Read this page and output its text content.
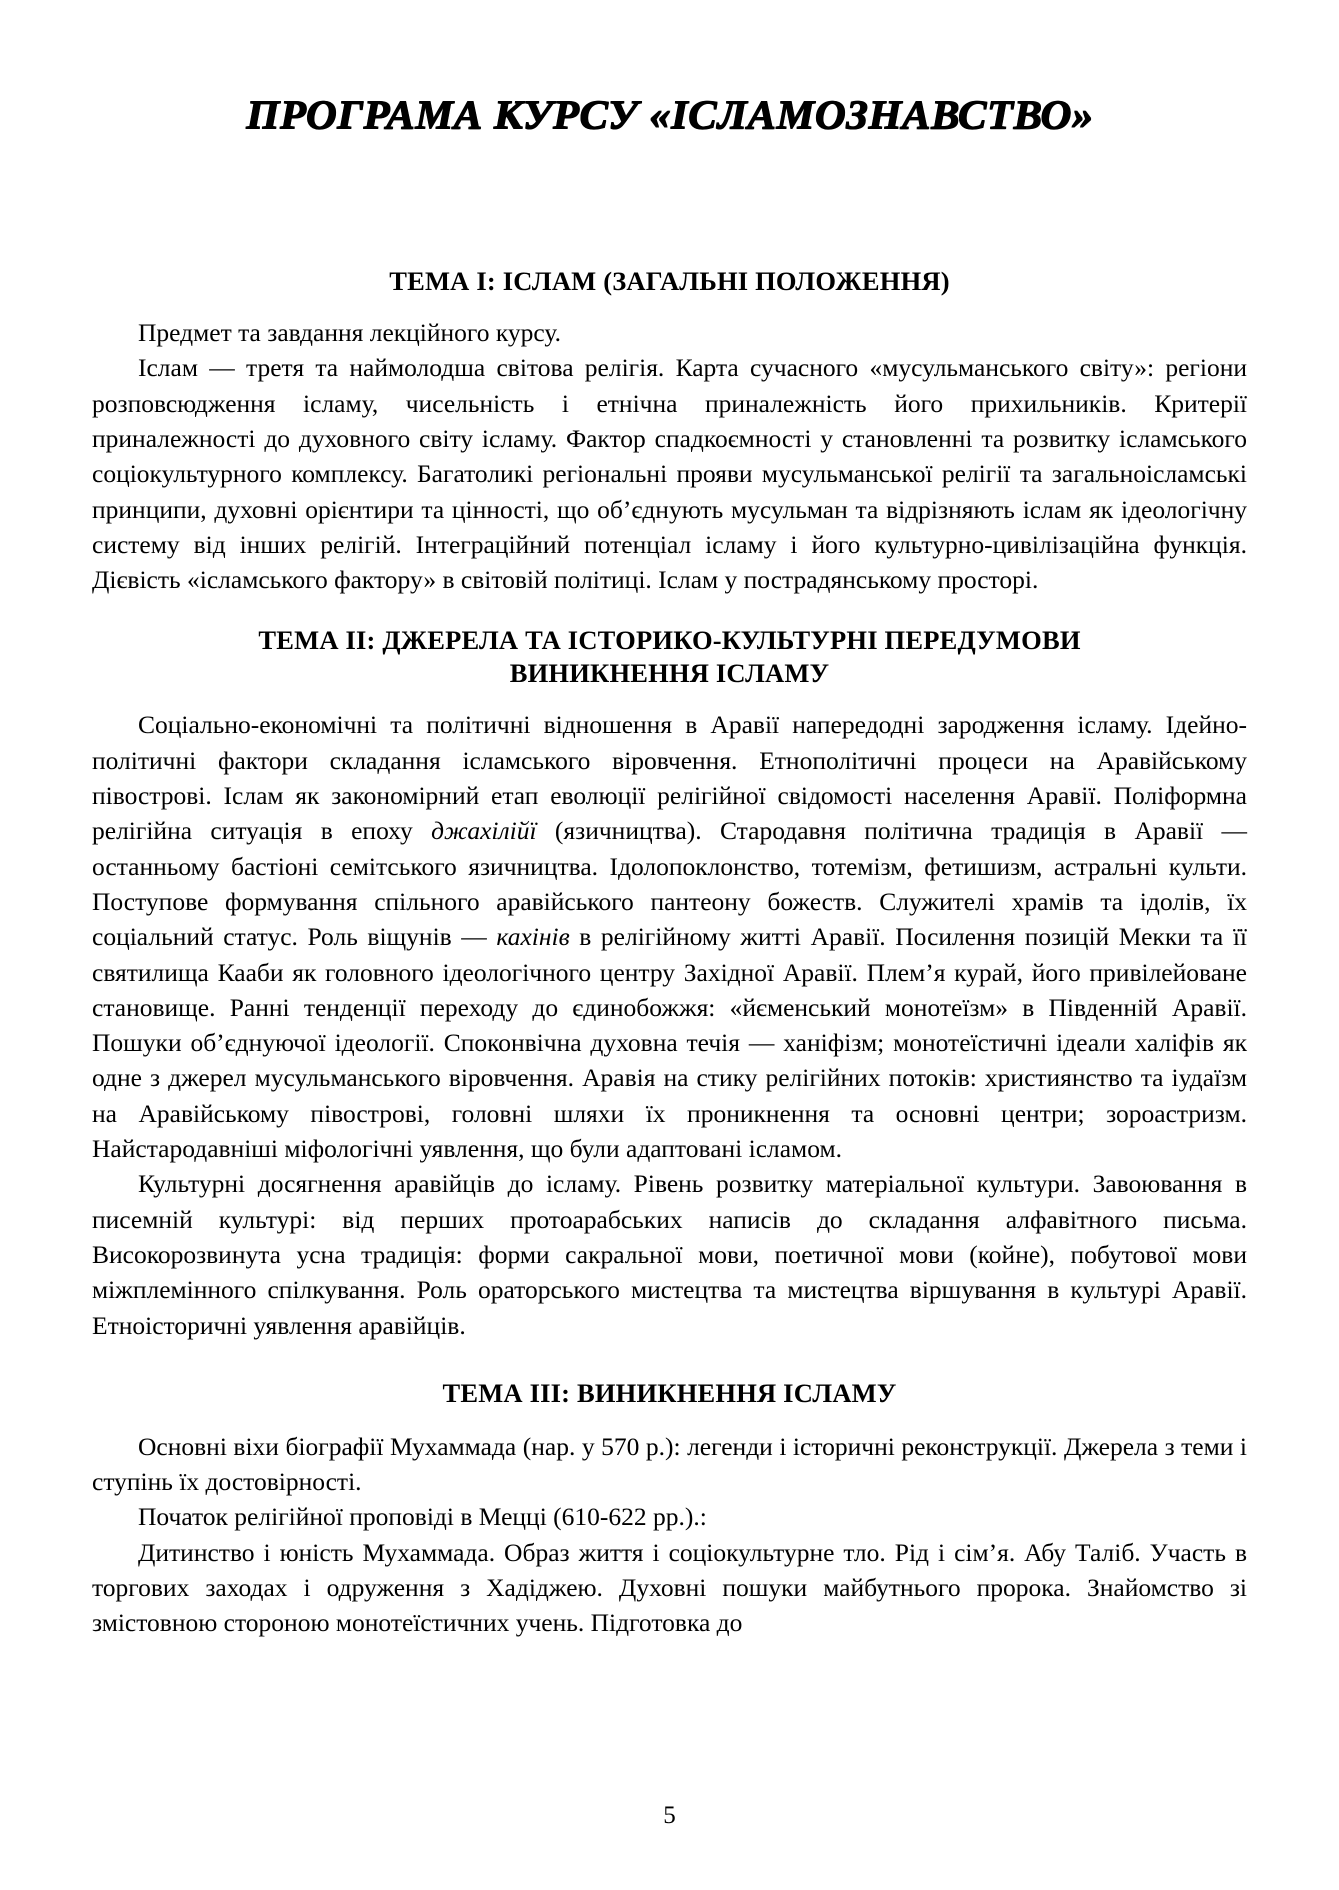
ПРОГРАМА КУРСУ «ІСЛАМОЗНАВСТВО»
ТЕМА І: ІСЛАМ (ЗАГАЛЬНІ ПОЛОЖЕННЯ)

Предмет та завдання лекційного курсу.

Іслам — третя та наймолодша світова релігія. Карта сучасного «мусульманського світу»: регіони розповсюдження ісламу, чисельність і етнічна приналежність його прихильників. Критерії приналежності до духовного світу ісламу. Фактор спадкоємності у становленні та розвитку ісламського соціокультурного комплексу. Багатоликі регіональні прояви мусульманської релігії та загальноісламські принципи, духовні орієнтири та цінності, що об’єднують мусульман та відрізняють іслам як ідеологічну систему від інших релігій. Інтеграційний потенціал ісламу і його культурно-цивілізаційна функція. Дієвість «ісламського фактору» в світовій політиці. Іслам у пострадянському просторі.

ТЕМА ІІ: ДЖЕРЕЛА ТА ІСТОРИКО-КУЛЬТУРНІ ПЕРЕДУМОВИ
ВИНИКНЕННЯ ІСЛАМУ

Соціально-економічні та політичні відношення в Аравії напередодні зародження ісламу. Ідейно-політичні фактори складання ісламського віровчення. Етнополітичні процеси на Аравійському півострові. Іслам як закономірний етап еволюції релігійної свідомості населення Аравії. Поліформна релігійна ситуація в епоху джахілійї (язичництва). Стародавня політична традиція в Аравії — останньому бастіоні семітського язичництва. Ідолопоклонство, тотемізм, фетишизм, астральні культи. Поступове формування спільного аравійського пантеону божеств. Служителі храмів та ідолів, їх соціальний статус. Роль віщунів — кахінів в релігійному житті Аравії. Посилення позицій Мекки та її святилища Кааби як головного ідеологічного центру Західної Аравії. Плем’я курай, його привілейоване становище. Ранні тенденції переходу до єдинобожжя: «йєменський монотеїзм» в Південній Аравії. Пошуки об’єднуючої ідеології. Споконвічна духовна течія — ханіфізм; монотеїстичні ідеали халіфів як одне з джерел мусульманського віровчення. Аравія на стику релігійних потоків: християнство та іудаїзм на Аравійському півострові, головні шляхи їх проникнення та основні центри; зороастризм. Найстародавніші міфологічні уявлення, що були адаптовані ісламом.

Культурні досягнення аравійців до ісламу. Рівень розвитку матеріальної культури. Завоювання в писемній культурі: від перших протоарабських написів до складання алфавітного письма. Високорозвинута усна традиція: форми сакральної мови, поетичної мови (койне), побутової мови міжплемінного спілкування. Роль ораторського мистецтва та мистецтва віршування в культурі Аравії. Етноісторичні уявлення аравійців.

ТЕМА ІІІ: ВИНИКНЕННЯ ІСЛАМУ

Основні віхи біографії Мухаммада (нар. у 570 р.): легенди і історичні реконструкції. Джерела з теми і ступінь їх достовірності.

Початок релігійної проповіді в Мецці (610-622 рр.).:

Дитинство і юність Мухаммада. Образ життя і соціокультурне тло. Рід і сім’я. Абу Таліб. Участь в торгових заходах і одруження з Хадіджею. Духовні пошуки майбутнього пророка. Знайомство зі змістовною стороною монотеїстичних учень. Підготовка до

5
